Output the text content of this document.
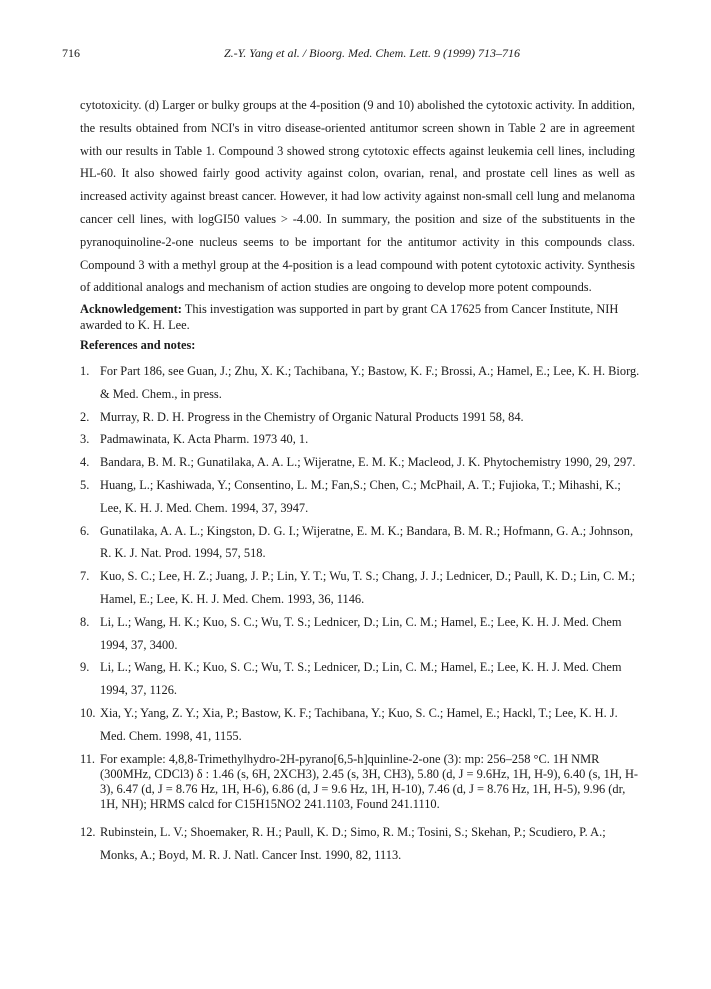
716	Z.-Y. Yang et al. / Bioorg. Med. Chem. Lett. 9 (1999) 713–716

cytotoxicity. (d) Larger or bulky groups at the 4-position (9 and 10) abolished the cytotoxic activity. In addition, the results obtained from NCI's in vitro disease-oriented antitumor screen shown in Table 2 are in agreement with our results in Table 1. Compound 3 showed strong cytotoxic effects against leukemia cell lines, including HL-60. It also showed fairly good activity against colon, ovarian, renal, and prostate cell lines as well as increased activity against breast cancer. However, it had low activity against non-small cell lung and melanoma cancer cell lines, with logGI50 values > -4.00. In summary, the position and size of the substituents in the pyranoquinoline-2-one nucleus seems to be important for the antitumor activity in this compounds class. Compound 3 with a methyl group at the 4-position is a lead compound with potent cytotoxic activity. Synthesis of additional analogs and mechanism of action studies are ongoing to develop more potent compounds.

Acknowledgement: This investigation was supported in part by grant CA 17625 from Cancer Institute, NIH awarded to K. H. Lee.

References and notes:

1. For Part 186, see Guan, J.; Zhu, X. K.; Tachibana, Y.; Bastow, K. F.; Brossi, A.; Hamel, E.; Lee, K. H. Biorg. & Med. Chem., in press.
2. Murray, R. D. H. Progress in the Chemistry of Organic Natural Products 1991 58, 84.
3. Padmawinata, K. Acta Pharm. 1973 40, 1.
4. Bandara, B. M. R.; Gunatilaka, A. A. L.; Wijeratne, E. M. K.; Macleod, J. K. Phytochemistry 1990, 29, 297.
5. Huang, L.; Kashiwada, Y.; Consentino, L. M.; Fan,S.; Chen, C.; McPhail, A. T.; Fujioka, T.; Mihashi, K.; Lee, K. H. J. Med. Chem. 1994, 37, 3947.
6. Gunatilaka, A. A. L.; Kingston, D. G. I.; Wijeratne, E. M. K.; Bandara, B. M. R.; Hofmann, G. A.; Johnson, R. K. J. Nat. Prod. 1994, 57, 518.
7. Kuo, S. C.; Lee, H. Z.; Juang, J. P.; Lin, Y. T.; Wu, T. S.; Chang, J. J.; Lednicer, D.; Paull, K. D.; Lin, C. M.; Hamel, E.; Lee, K. H. J. Med. Chem. 1993, 36, 1146.
8. Li, L.; Wang, H. K.; Kuo, S. C.; Wu, T. S.; Lednicer, D.; Lin, C. M.; Hamel, E.; Lee, K. H. J. Med. Chem 1994, 37, 3400.
9. Li, L.; Wang, H. K.; Kuo, S. C.; Wu, T. S.; Lednicer, D.; Lin, C. M.; Hamel, E.; Lee, K. H. J. Med. Chem 1994, 37, 1126.
10. Xia, Y.; Yang, Z. Y.; Xia, P.; Bastow, K. F.; Tachibana, Y.; Kuo, S. C.; Hamel, E.; Hackl, T.; Lee, K. H. J. Med. Chem. 1998, 41, 1155.
11. For example: 4,8,8-Trimethylhydro-2H-pyrano[6,5-h]quinline-2-one (3): mp: 256–258 °C. 1H NMR (300MHz, CDCl3) δ : 1.46 (s, 6H, 2XCH3), 2.45 (s, 3H, CH3), 5.80 (d, J = 9.6Hz, 1H, H-9), 6.40 (s, 1H, H-3), 6.47 (d, J = 8.76 Hz, 1H, H-6), 6.86 (d, J = 9.6 Hz, 1H, H-10), 7.46 (d, J = 8.76 Hz, 1H, H-5), 9.96 (dr, 1H, NH); HRMS calcd for C15H15NO2 241.1103, Found 241.1110.
12. Rubinstein, L. V.; Shoemaker, R. H.; Paull, K. D.; Simo, R. M.; Tosini, S.; Skehan, P.; Scudiero, P. A.; Monks, A.; Boyd, M. R. J. Natl. Cancer Inst. 1990, 82, 1113.
